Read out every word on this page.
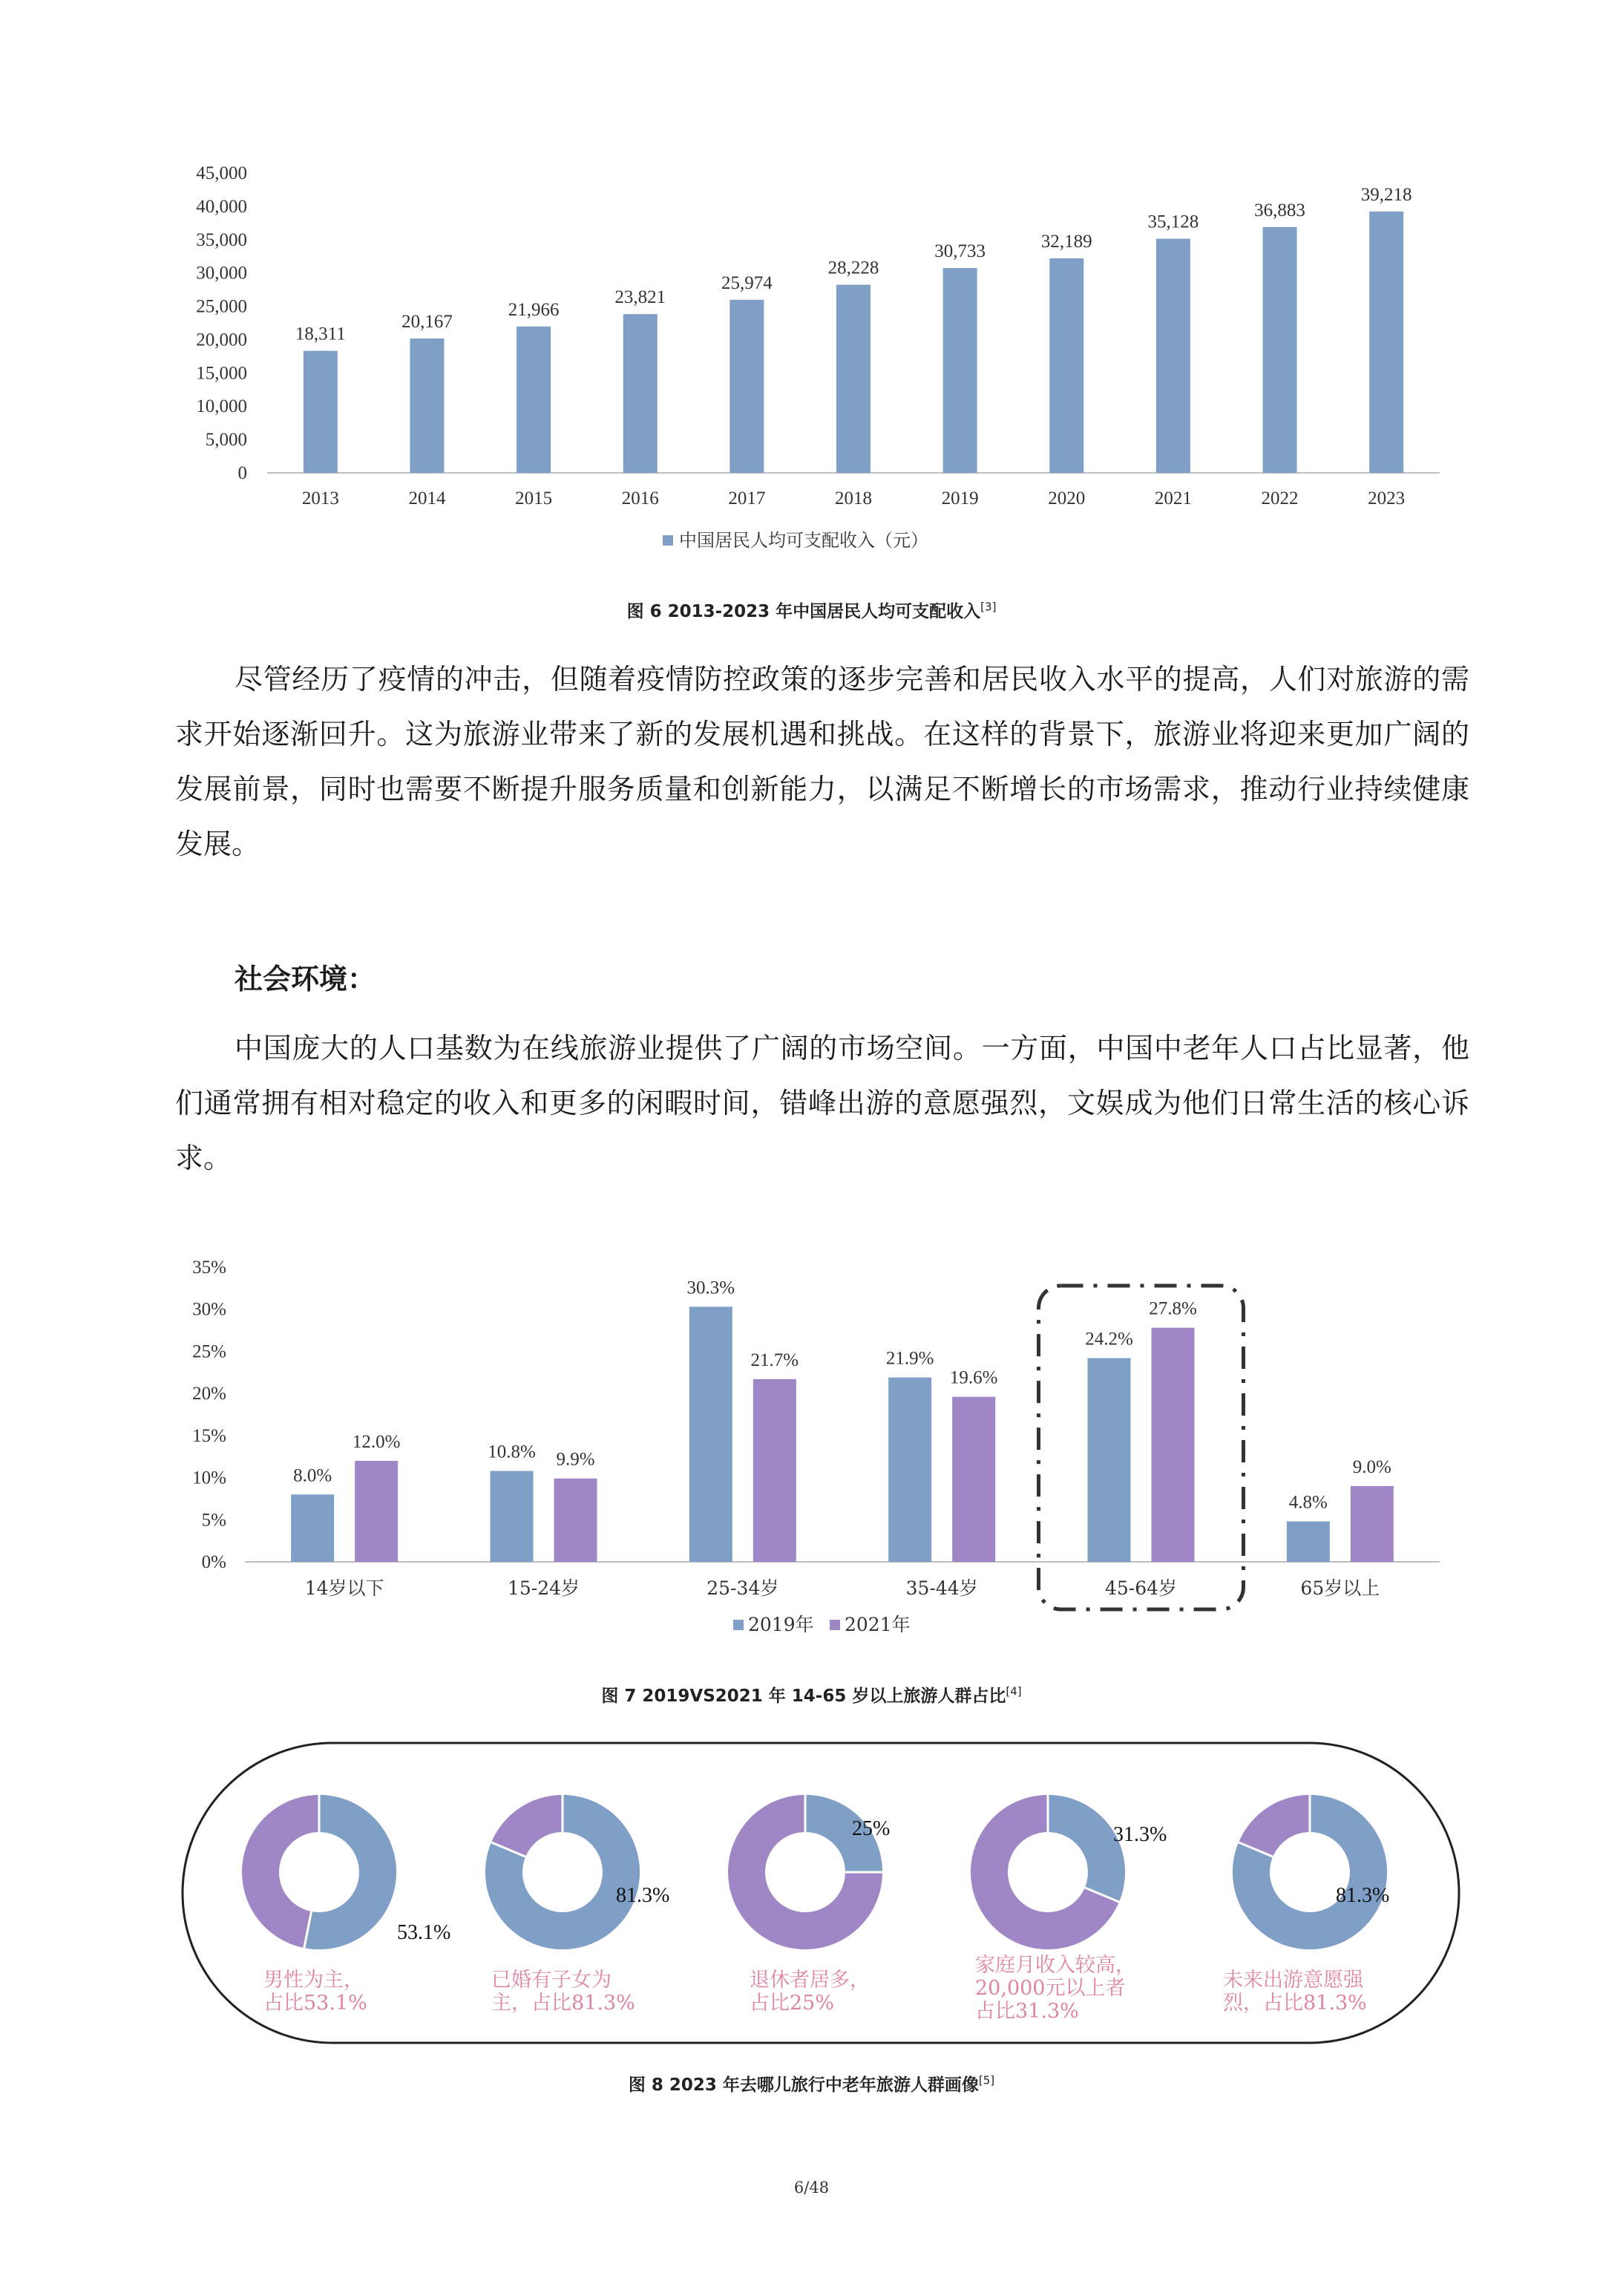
0
5,000
10,000
15,000
20,000
25,000
30,000
35,000
40,000
45,000
18,311
2013
20,167
2014
21,966
2015
23,821
2016
25,974
2017
28,228
2018
30,733
2019
32,189
2020
35,128
2021
36,883
2022
39,218
2023
中国居民人均可支配收入（元）
图 6 2013-2023 年中国居民人均可支配收入[3]

尽管经历了疫情的冲击，但随着疫情防控政策的逐步完善和居民收入水平的提高，人们对旅游的需求开始逐渐回升。这为旅游业带来了新的发展机遇和挑战。在这样的背景下，旅游业将迎来更加广阔的发展前景，同时也需要不断提升服务质量和创新能力，以满足不断增长的市场需求，推动行业持续健康发展。

社会环境：

中国庞大的人口基数为在线旅游业提供了广阔的市场空间。一方面，中国中老年人口占比显著，他们通常拥有相对稳定的收入和更多的闲暇时间，错峰出游的意愿强烈，文娱成为他们日常生活的核心诉求。

0%
5%
10%
15%
20%
25%
30%
35%
8.0%
12.0%
14岁以下
10.8% 9.9%
15-24岁
30.3%
21.7%
25-34岁
21.9%
19.6%
35-44岁
24.2%
27.8%
45-64岁
4.8%
9.0%
65岁以上
2019年 2021年
图 7 2019VS2021 年 14-65 岁以上旅游人群占比[4]
53.1%
81.3%
25%	31.3%
81.3%
男性为主，
占比53.1%
已婚有子女为
主，占比81.3%
退休者居多，
占比25%
家庭月收入较高，
20,000元以上者
占比31.3%
未来出游意愿强
烈，占比81.3%
图 8 2023 年去哪儿旅行中老年旅游人群画像[5]
6/48
